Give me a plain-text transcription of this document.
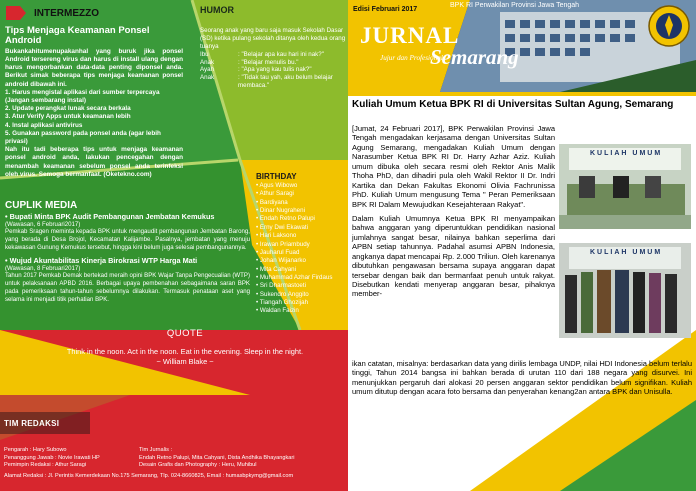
INTERMEZZO
Tips Menjaga Keamanan Ponsel Android

Bukankahitumenupakanhal yang buruk jika ponsel Android tersereng virus dan harus di install ulang dengan harus mengorbankan data-data penting diponsel anda. Berikut simak beberapa tips menjaga keamanan ponsel android dibawah ini.

1. Harus mengistal aplikasi dari sumber terpercaya (Jangan sembarang instal)
2. Update perangkat lunak secara berkala
3. Atur Verify Apps untuk keamanan lebih
4. Instal aplikasi antivirus
5. Gunakan password pada ponsel anda (agar lebih privasi)

Nah itu tadi beberapa tips untuk menjaga keamanan ponsel android anda, lakukan pencegahan dengan menambah keamanan sebelum ponsel anda terinfeksi oleh virus. Semoga bermanfaat. (Oketekno.com)

HUMOR

Seorang anak yang baru saja masuk Sekolah Dasar (SD) ketika pulang sekolah ditanya oleh kedua orang tuanya

Ibu	: "Belajar apa kau hari ini nak?"
Anak	: "Belajar menulis bu."
Ayah	: "Apa yang kau tulis nak?"
Anak	: "Tidak tau yah, aku belum belajar membaca."
CUPLIK MEDIA
• Bupati Minta BPK Audit Pembangunan Jembatan Kemukus
(Wawasan, 6 Februari2017)

Pemkab Sragen meminta kepada BPK untuk mengaudit pembangunan Jembatan Barong, yang berada di Desa Brojol, Kecamatan Kalijambe. Pasalnya, jembatan yang menuju kekawasan Gunung Kemukus tersebut, hingga kini belum juga selesai pembangunannya.

• Wujud Akuntabilitas Kinerja Birokrasi WTP Harga Mati
(Wawasan, 8 Februari2017)

Tahun 2017 Pemkab Demak bertekad meraih opini BPK Wajar Tanpa Pengecualian (WTP) untuk pelaksanaan APBD 2016. Berbagai upaya pembenahan sebagaimana saran BPK pada pemeriksaan tahun-tahun sebelumnya dilakukan. Termasuk penataan aset yang selama ini menjadi titik perhatian BPK.

BIRTHDAY
• Agus Wibowo
• Athur Saragi
• Bardiyana
• Dinar Nugraheni
• Endah Retno Palupi
• Erny Dwi Ekawati
• Hari Laksono
• Irawan Priambudy
• Jauharul Fuad
• Johan Wijanarko
• Mita Cahyani
• Muhammad Azhar Firdaus
• Sri Dharmastoeti
• Sukendro Anggito
• Tiangah Ghozijah
• Waldan Faizin
QUOTE

Think in the noon. Act in the noon. Eat in the evening. Sleep in the night.

~ William Blake ~

TIM REDAKSI
Pengarah : Hary Subowo
Penanggung Jawab : Novie Irawati HP
Pemimpin Redaksi : Athur Saragi
Tim Jurnalis :
Endah Retno Palupi, Mita Cahyani, Dista Andhika Bhayangkari
Desain Grafis dan Photography : Heru, Muhibul
Alamat Redaksi : Jl. Perintis Kemerdekaan No.175 Semarang, Tlp. 024-8660825, Email : humasbpkymg@gmail.com
Edisi Februari 2017
BPK RI Perwakilan Provinsi Jawa Tengah
JURNAL
Jujur dan Profesional
Semarang
Kuliah Umum Ketua BPK RI di Universitas Sultan Agung, Semarang

[Jumat, 24 Februari 2017], BPK Perwakilan Provinsi Jawa Tengah mengadakan kerjasama dengan Universitas Sultan Agung Semarang, mengadakan Kuliah Umum dengan Narasumber Ketua BPK RI Dr. Harry Azhar Aziz. Kuliah umum dibuka oleh secara resmi oleh Rektor Anis Malik Thoha PhD, dan dihadiri pula oleh Wakil Rektor II Dr. Indri Kartika dan Dekan Fakultas Ekonomi Olivia Fachrunissa PhD. Kuliah Umum mengusung Tema " Peran Pemeriksaan BPK RI Dalam Mewujudkan Kesejahteraan Rakyat".

Dalam Kuliah Umumnya Ketua BPK RI menyampaikan bahwa anggaran yang diperuntukkan pendidikan nasional jumlahnya sangat besar, nilainya bahkan seperlima dari APBN setiap tahunnya. Padahal asumsi APBN Indonesia, angkanya dapat mencapai Rp. 2.000 Triliun. Oleh karenanya dibutuhkan pengawasan bersama supaya anggaran dapat tersebar dengan baik dan bermanfaat penuh untuk rakyat. Disebutkan kendati menyerap anggaran besar, pihaknya member-

ikan catatan, misalnya: berdasarkan data yang dirilis lembaga UNDP, nilai HDI Indonesia belum terlalu tinggi, Tahun 2014 bangsa ini bahkan berada di urutan 110 dari 188 negara yang disurvei. Ini menunjukkan pergaruh dari alokasi 20 persen anggaran sektor pendidikan belum signifikan. Kuliah umum ditutup dengan acara foto bersama dan penyerahan kenang2an antara BPK dan Unisulla.
KULIAH UMUM
KULIAH UMUM
